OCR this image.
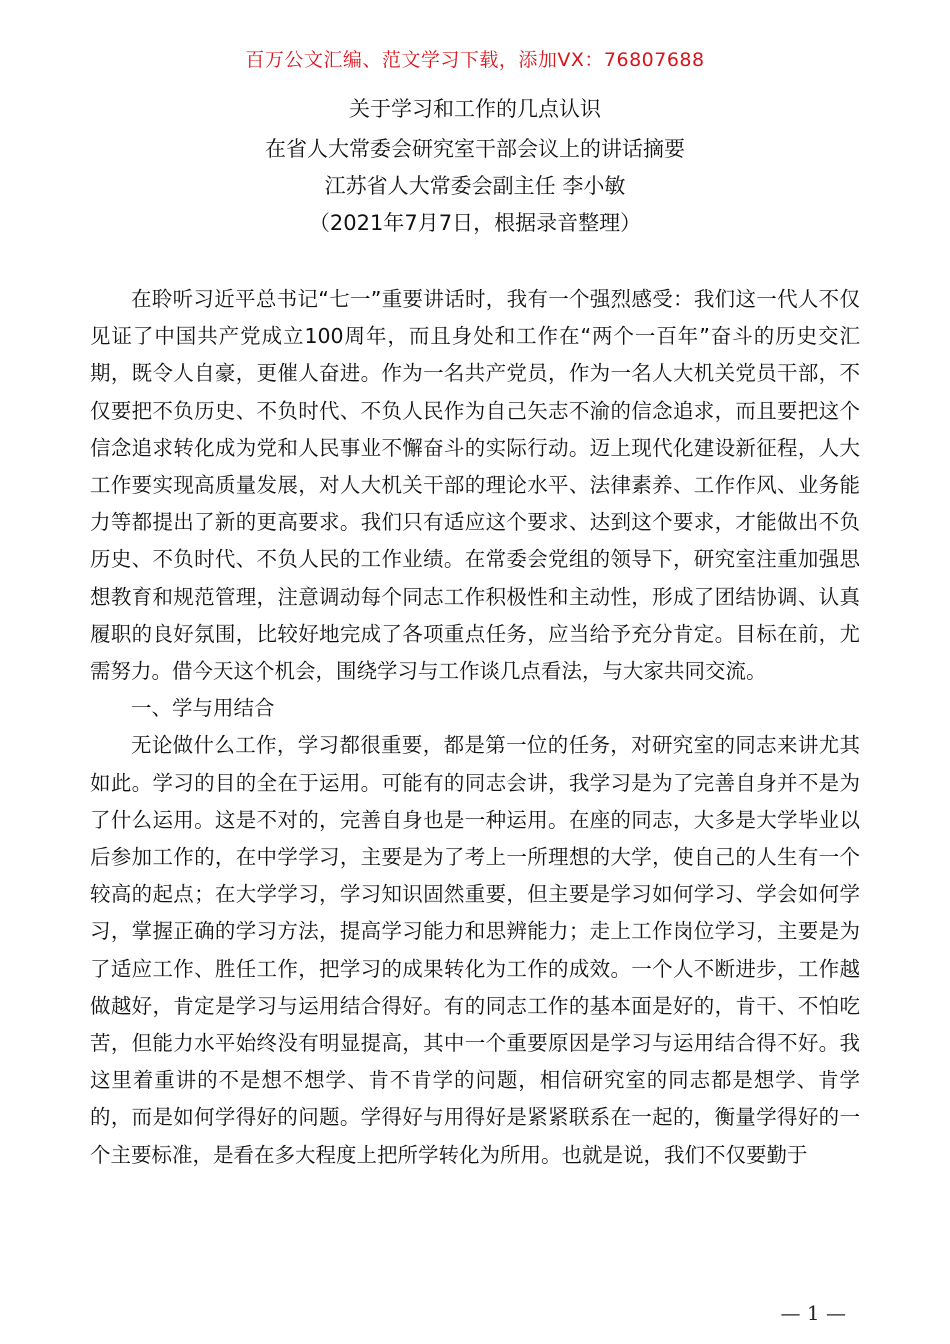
百万公文汇编、范文学习下载，添加VX：76807688
关于学习和工作的几点认识
在省人大常委会研究室干部会议上的讲话摘要
江苏省人大常委会副主任 李小敏
（2021年7月7日，根据录音整理）

在聆听习近平总书记“七一”重要讲话时，我有一个强烈感受：我们这一代人不仅见证了中国共产党成立100周年，而且身处和工作在“两个一百年”奋斗的历史交汇期，既令人自豪，更催人奋进。作为一名共产党员，作为一名人大机关党员干部，不仅要把不负历史、不负时代、不负人民作为自己矢志不渝的信念追求，而且要把这个信念追求转化成为党和人民事业不懈奋斗的实际行动。迈上现代化建设新征程，人大工作要实现高质量发展，对人大机关干部的理论水平、法律素养、工作作风、业务能力等都提出了新的更高要求。我们只有适应这个要求、达到这个要求，才能做出不负历史、不负时代、不负人民的工作业绩。在常委会党组的领导下，研究室注重加强思想教育和规范管理，注意调动每个同志工作积极性和主动性，形成了团结协调、认真履职的良好氛围，比较好地完成了各项重点任务，应当给予充分肯定。目标在前，尤需努力。借今天这个机会，围绕学习与工作谈几点看法，与大家共同交流。

一、学与用结合

无论做什么工作，学习都很重要，都是第一位的任务，对研究室的同志来讲尤其如此。学习的目的全在于运用。可能有的同志会讲，我学习是为了完善自身并不是为了什么运用。这是不对的，完善自身也是一种运用。在座的同志，大多是大学毕业以后参加工作的，在中学学习，主要是为了考上一所理想的大学，使自己的人生有一个较高的起点；在大学学习，学习知识固然重要，但主要是学习如何学习、学会如何学习，掌握正确的学习方法，提高学习能力和思辨能力；走上工作岗位学习，主要是为了适应工作、胜任工作，把学习的成果转化为工作的成效。一个人不断进步，工作越做越好，肯定是学习与运用结合得好。有的同志工作的基本面是好的，肯干、不怕吃苦，但能力水平始终没有明显提高，其中一个重要原因是学习与运用结合得不好。我这里着重讲的不是想不想学、肯不肯学的问题，相信研究室的同志都是想学、肯学的，而是如何学得好的问题。学得好与用得好是紧紧联系在一起的，衡量学得好的一个主要标准，是看在多大程度上把所学转化为所用。也就是说，我们不仅要勤于

— 1 —
